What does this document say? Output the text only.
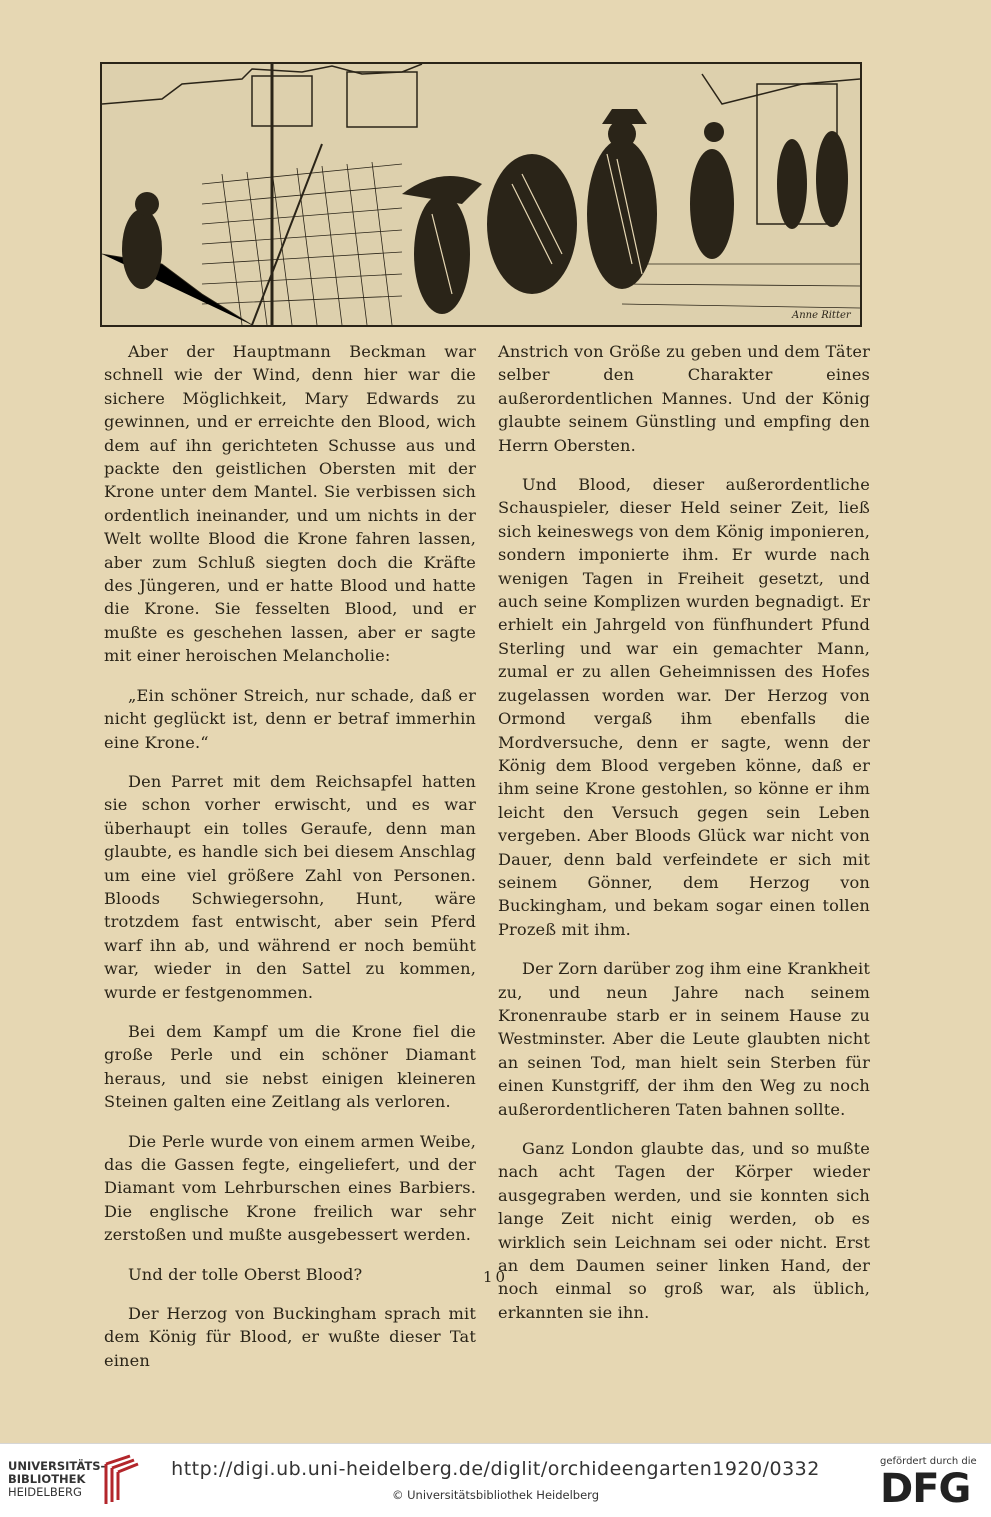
Anne Ritter

Aber der Hauptmann Beckman war schnell wie der Wind, denn hier war die sichere Möglichkeit, Mary Edwards zu gewinnen, und er erreichte den Blood, wich dem auf ihn gerichteten Schusse aus und packte den geistlichen Obersten mit der Krone unter dem Mantel. Sie verbissen sich ordentlich ineinander, und um nichts in der Welt wollte Blood die Krone fahren lassen, aber zum Schluß siegten doch die Kräfte des Jüngeren, und er hatte Blood und hatte die Krone. Sie fesselten Blood, und er mußte es geschehen lassen, aber er sagte mit einer heroischen Melancholie:

„Ein schöner Streich, nur schade, daß er nicht geglückt ist, denn er betraf immerhin eine Krone.“

Den Parret mit dem Reichsapfel hatten sie schon vorher erwischt, und es war überhaupt ein tolles Geraufe, denn man glaubte, es handle sich bei diesem Anschlag um eine viel größere Zahl von Personen. Bloods Schwiegersohn, Hunt, wäre trotzdem fast entwischt, aber sein Pferd warf ihn ab, und während er noch bemüht war, wieder in den Sattel zu kommen, wurde er festgenommen.

Bei dem Kampf um die Krone fiel die große Perle und ein schöner Diamant heraus, und sie nebst einigen kleineren Steinen galten eine Zeitlang als verloren.

Die Perle wurde von einem armen Weibe, das die Gassen fegte, eingeliefert, und der Diamant vom Lehrburschen eines Barbiers. Die englische Krone freilich war sehr zerstoßen und mußte ausgebessert werden.

Und der tolle Oberst Blood?

Der Herzog von Buckingham sprach mit dem König für Blood, er wußte dieser Tat einen

Anstrich von Größe zu geben und dem Täter selber den Charakter eines außerordentlichen Mannes. Und der König glaubte seinem Günstling und empfing den Herrn Obersten.

Und Blood, dieser außerordentliche Schauspieler, dieser Held seiner Zeit, ließ sich keineswegs von dem König imponieren, sondern imponierte ihm. Er wurde nach wenigen Tagen in Freiheit gesetzt, und auch seine Komplizen wurden begnadigt. Er erhielt ein Jahrgeld von fünfhundert Pfund Sterling und war ein gemachter Mann, zumal er zu allen Geheimnissen des Hofes zugelassen worden war. Der Herzog von Ormond vergaß ihm ebenfalls die Mordversuche, denn er sagte, wenn der König dem Blood vergeben könne, daß er ihm seine Krone gestohlen, so könne er ihm leicht den Versuch gegen sein Leben vergeben. Aber Bloods Glück war nicht von Dauer, denn bald verfeindete er sich mit seinem Gönner, dem Herzog von Buckingham, und bekam sogar einen tollen Prozeß mit ihm.

Der Zorn darüber zog ihm eine Krankheit zu, und neun Jahre nach seinem Kronenraube starb er in seinem Hause zu Westminster. Aber die Leute glaubten nicht an seinen Tod, man hielt sein Sterben für einen Kunstgriff, der ihm den Weg zu noch außerordentlicheren Taten bahnen sollte.

Ganz London glaubte das, und so mußte nach acht Tagen der Körper wieder ausgegraben werden, und sie konnten sich lange Zeit nicht einig werden, ob es wirklich sein Leichnam sei oder nicht. Erst an dem Daumen seiner linken Hand, der noch einmal so groß war, als üblich, erkannten sie ihn.

10
UNIVERSITÄTS-
BIBLIOTHEK
HEIDELBERG
http://digi.ub.uni-heidelberg.de/diglit/orchideengarten1920/0332
© Universitätsbibliothek Heidelberg
gefördert durch die
DFG
